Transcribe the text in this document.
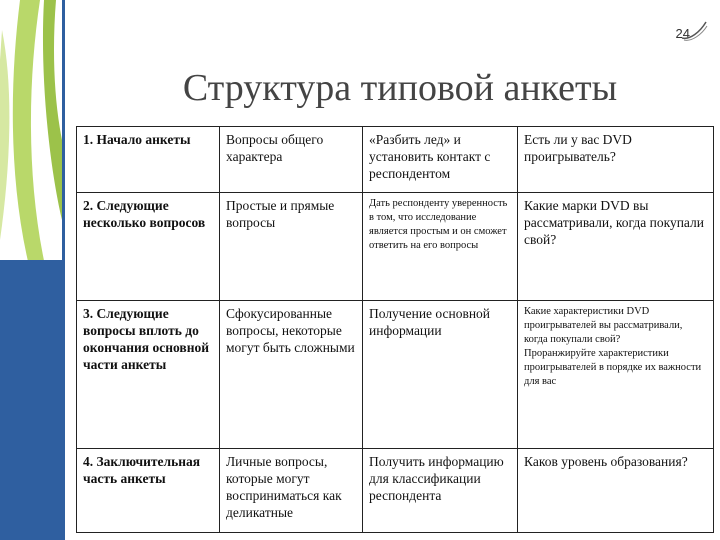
24
Структура типовой анкеты
1. Начало анкеты	Вопросы общего характера	«Разбить лед» и установить контакт с респондентом	Есть ли у вас DVD проигрыватель?

2. Следующие несколько вопросов	Простые и прямые вопросы	Дать респонденту уверенность в том, что исследование является простым и он сможет ответить на его вопросы	Какие марки DVD вы рассматривали, когда покупали свой?

3. Следующие вопросы вплоть до окончания основной части анкеты	Сфокусированные вопросы, некоторые могут быть сложными	Получение основной информации	Какие характеристики DVD проигрывателей вы рассматривали, когда покупали свой?
Проранжируйте характеристики проигрывателей в порядке их важности для вас

4. Заключительная часть анкеты	Личные вопросы, которые могут восприниматься как деликатные	Получить информацию для классификации респондента	Каков уровень образования?
